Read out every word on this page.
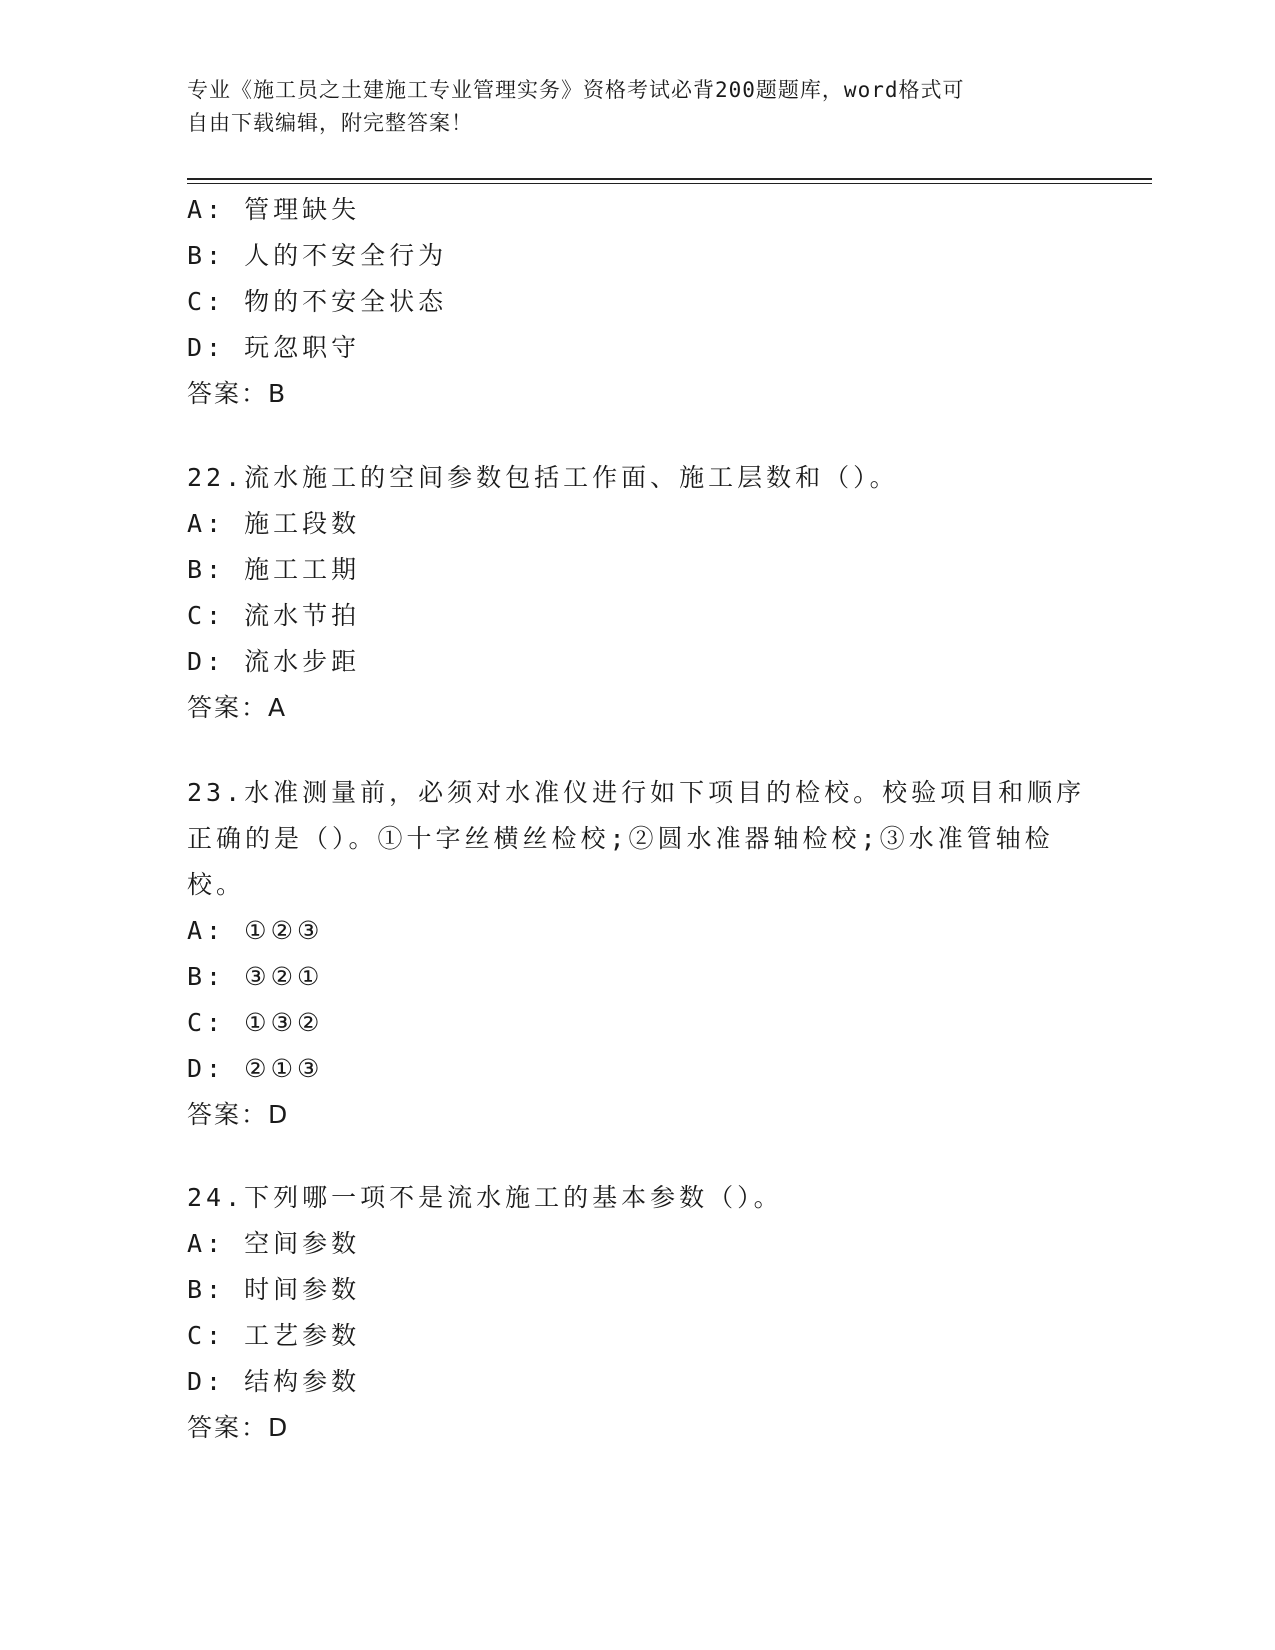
专业《施工员之土建施工专业管理实务》资格考试必背200题题库，word格式可
自由下载编辑，附完整答案！
A: 管理缺失
B: 人的不安全行为
C: 物的不安全状态
D: 玩忽职守
答案：B
22.流水施工的空间参数包括工作面、施工层数和（）。
A: 施工段数
B: 施工工期
C: 流水节拍
D: 流水步距
答案：A
23.水准测量前，必须对水准仪进行如下项目的检校。校验项目和顺序
正确的是（）。①十字丝横丝检校;②圆水准器轴检校;③水准管轴检
校。
A: ①②③
B: ③②①
C: ①③②
D: ②①③
答案：D
24.下列哪一项不是流水施工的基本参数（）。
A: 空间参数
B: 时间参数
C: 工艺参数
D: 结构参数
答案：D
